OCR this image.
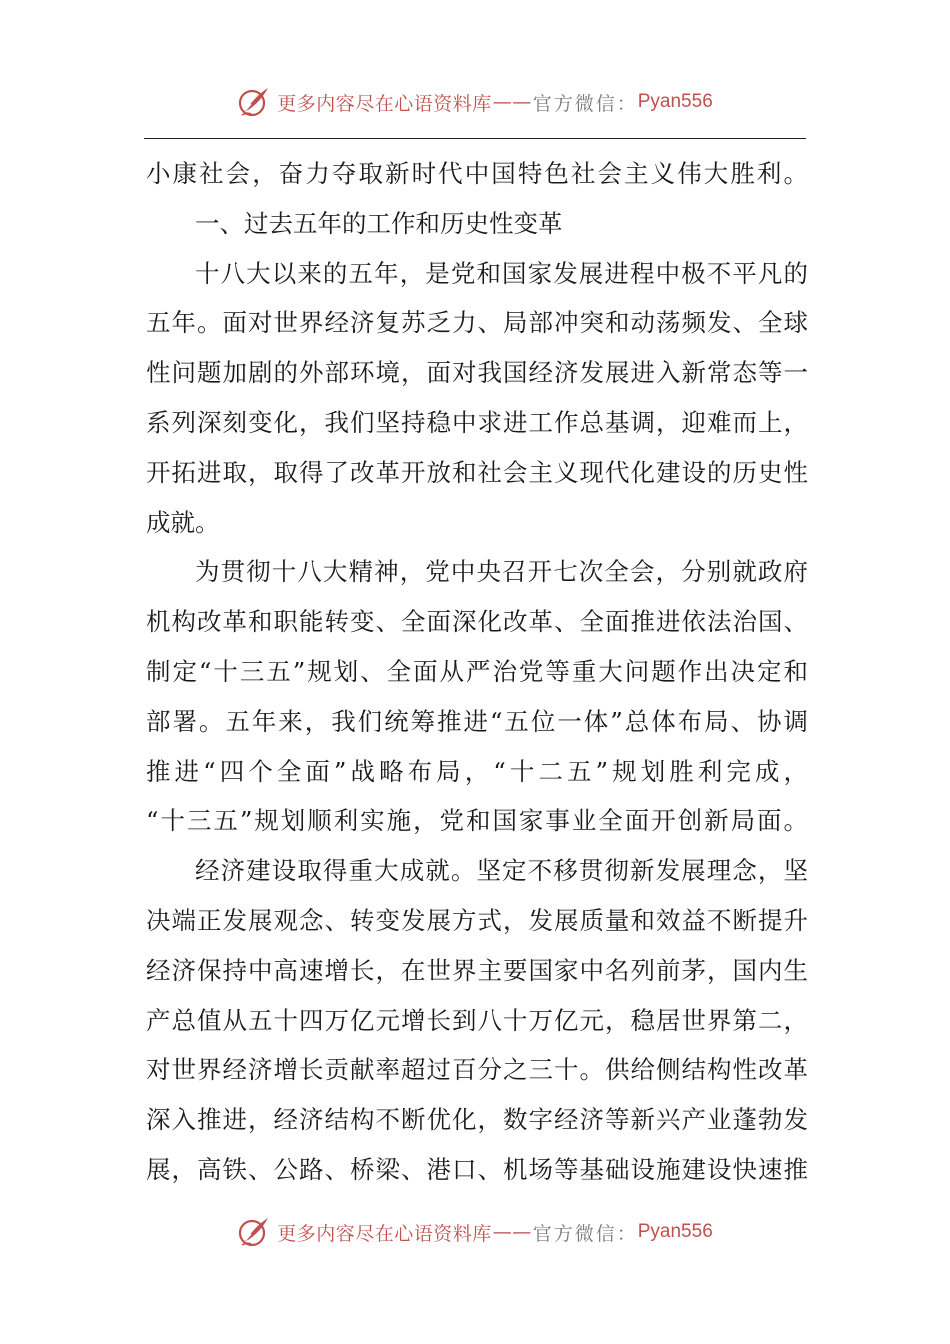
更多内容尽在心语资料库 —— 官方微信： Pyan556
小康社会，奋力夺取新时代中国特色社会主义伟大胜利。
一、过去五年的工作和历史性变革
十八大以来的五年，是党和国家发展进程中极不平凡的
五年。面对世界经济复苏乏力、局部冲突和动荡频发、全球
性问题加剧的外部环境，面对我国经济发展进入新常态等一
系列深刻变化，我们坚持稳中求进工作总基调，迎难而上，
开拓进取，取得了改革开放和社会主义现代化建设的历史性
成就。
为贯彻十八大精神，党中央召开七次全会，分别就政府
机构改革和职能转变、全面深化改革、全面推进依法治国、
制定“十三五”规划、全面从严治党等重大问题作出决定和
部署。五年来，我们统筹推进“五位一体”总体布局、协调
推进“四个全面”战略布局，“十二五”规划胜利完成，
“十三五”规划顺利实施，党和国家事业全面开创新局面。
经济建设取得重大成就。坚定不移贯彻新发展理念，坚
决端正发展观念、转变发展方式，发展质量和效益不断提升
经济保持中高速增长，在世界主要国家中名列前茅，国内生
产总值从五十四万亿元增长到八十万亿元，稳居世界第二，
对世界经济增长贡献率超过百分之三十。供给侧结构性改革
深入推进，经济结构不断优化，数字经济等新兴产业蓬勃发
展，高铁、公路、桥梁、港口、机场等基础设施建设快速推
更多内容尽在心语资料库 —— 官方微信： Pyan556
